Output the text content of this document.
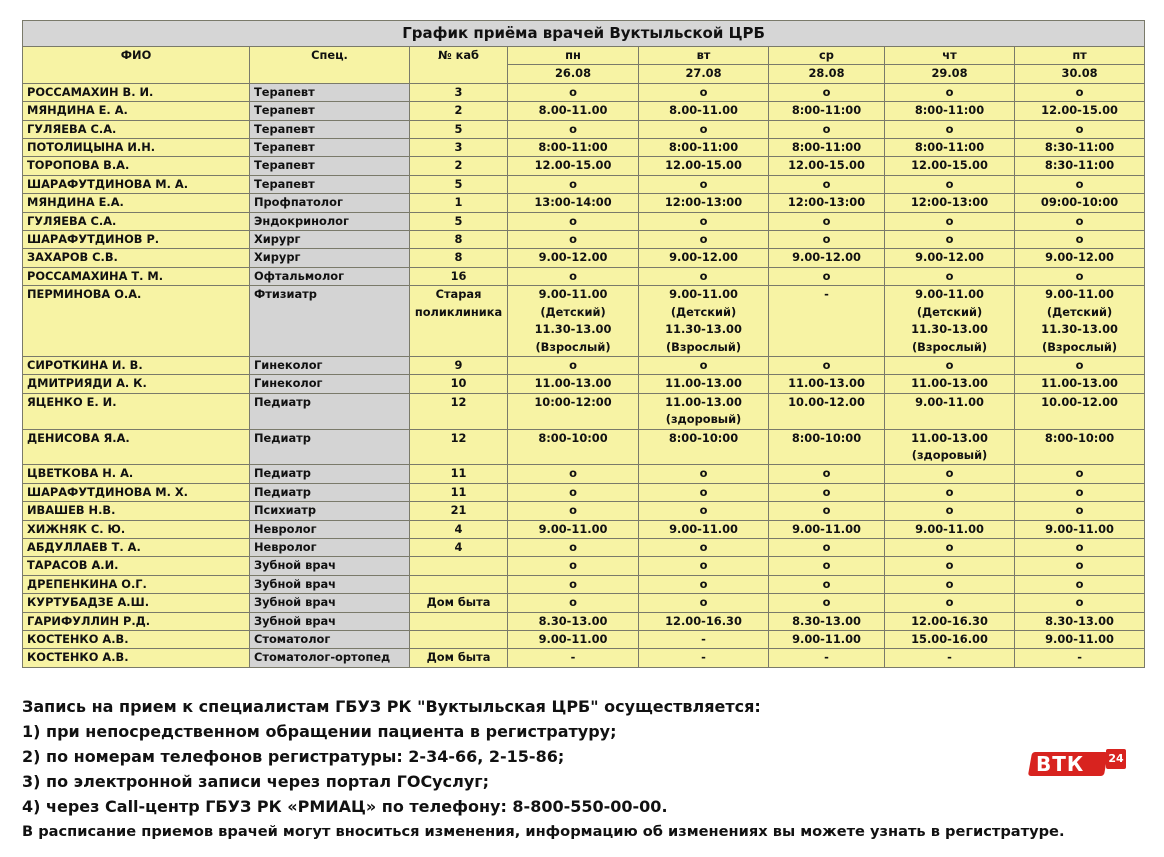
График приёма врачей Вуктыльской ЦРБ							
ФИО	Спец.	№ каб	пн	вт	ср	чт	пт
			26.08	27.08	28.08	29.08	30.08
РОССАМАХИН В. И.	Терапевт	3	о	о	о	о	о

МЯНДИНА Е. А.	Терапевт	2	8.00-11.00	8.00-11.00	8:00-11:00	8:00-11:00	12.00-15.00

ГУЛЯЕВА С.А.	Терапевт	5	о	о	о	о	о

ПОТОЛИЦЫНА И.Н.	Терапевт	3	8:00-11:00	8:00-11:00	8:00-11:00	8:00-11:00	8:30-11:00

ТОРОПОВА В.А.	Терапевт	2	12.00-15.00	12.00-15.00	12.00-15.00	12.00-15.00	8:30-11:00

ШАРАФУТДИНОВА М. А.	Терапевт	5	о	о	о	о	о

МЯНДИНА Е.А.	Профпатолог	1	13:00-14:00	12:00-13:00	12:00-13:00	12:00-13:00	09:00-10:00

ГУЛЯЕВА С.А.	Эндокринолог	5	о	о	о	о	о

ШАРАФУТДИНОВ Р.	Хирург	8	о	о	о	о	о

ЗАХАРОВ С.В.	Хирург	8	9.00-12.00	9.00-12.00	9.00-12.00	9.00-12.00	9.00-12.00

РОССАМАХИНА Т. М.	Офтальмолог	16	о	о	о	о	о

ПЕРМИНОВА О.А.	Фтизиатр	Старая поликлиника	9.00-11.00
(Детский)
11.30-13.00
(Взрослый)	9.00-11.00
(Детский)
11.30-13.00
(Взрослый)	-	9.00-11.00
(Детский)
11.30-13.00
(Взрослый)	9.00-11.00
(Детский)
11.30-13.00
(Взрослый)

СИРОТКИНА И. В.	Гинеколог	9	о	о	о	о	о

ДМИТРИЯДИ А. К.	Гинеколог	10	11.00-13.00	11.00-13.00	11.00-13.00	11.00-13.00	11.00-13.00

ЯЦЕНКО Е. И.	Педиатр	12	10:00-12:00	11.00-13.00
(здоровый)	10.00-12.00	9.00-11.00	10.00-12.00

ДЕНИСОВА Я.А.	Педиатр	12	8:00-10:00	8:00-10:00	8:00-10:00	11.00-13.00
(здоровый)	8:00-10:00

ЦВЕТКОВА Н. А.	Педиатр	11	о	о	о	о	о

ШАРАФУТДИНОВА М. Х.	Педиатр	11	о	о	о	о	о

ИВАШЕВ Н.В.	Психиатр	21	о	о	о	о	о

ХИЖНЯК С. Ю.	Невролог	4	9.00-11.00	9.00-11.00	9.00-11.00	9.00-11.00	9.00-11.00

АБДУЛЛАЕВ Т. А.	Невролог	4	о	о	о	о	о

ТАРАСОВ А.И.	Зубной врач		о	о	о	о	о

ДРЕПЕНКИНА О.Г.	Зубной врач		о	о	о	о	о

КУРТУБАДЗЕ А.Ш.	Зубной врач	Дом быта	о	о	о	о	о

ГАРИФУЛЛИН Р.Д.	Зубной врач		8.30-13.00	12.00-16.30	8.30-13.00	12.00-16.30	8.30-13.00

КОСТЕНКО А.В.	Стоматолог		9.00-11.00	-	9.00-11.00	15.00-16.00	9.00-11.00

КОСТЕНКО А.В.	Стоматолог-ортопед	Дом быта	-	-	-	-	-
Запись на прием к специалистам ГБУЗ РК "Вуктыльская ЦРБ" осуществляется:
1) при непосредственном обращении пациента в регистратуру;
2) по номерам телефонов регистратуры: 2-34-66, 2-15-86;
3) по электронной записи через портал ГОСуслуг;
4) через Call-центр ГБУЗ РК «РМИАЦ» по телефону: 8-800-550-00-00.
В расписание приемов врачей могут вноситься изменения, информацию об изменениях вы можете узнать в регистратуре.
ВТК 24
